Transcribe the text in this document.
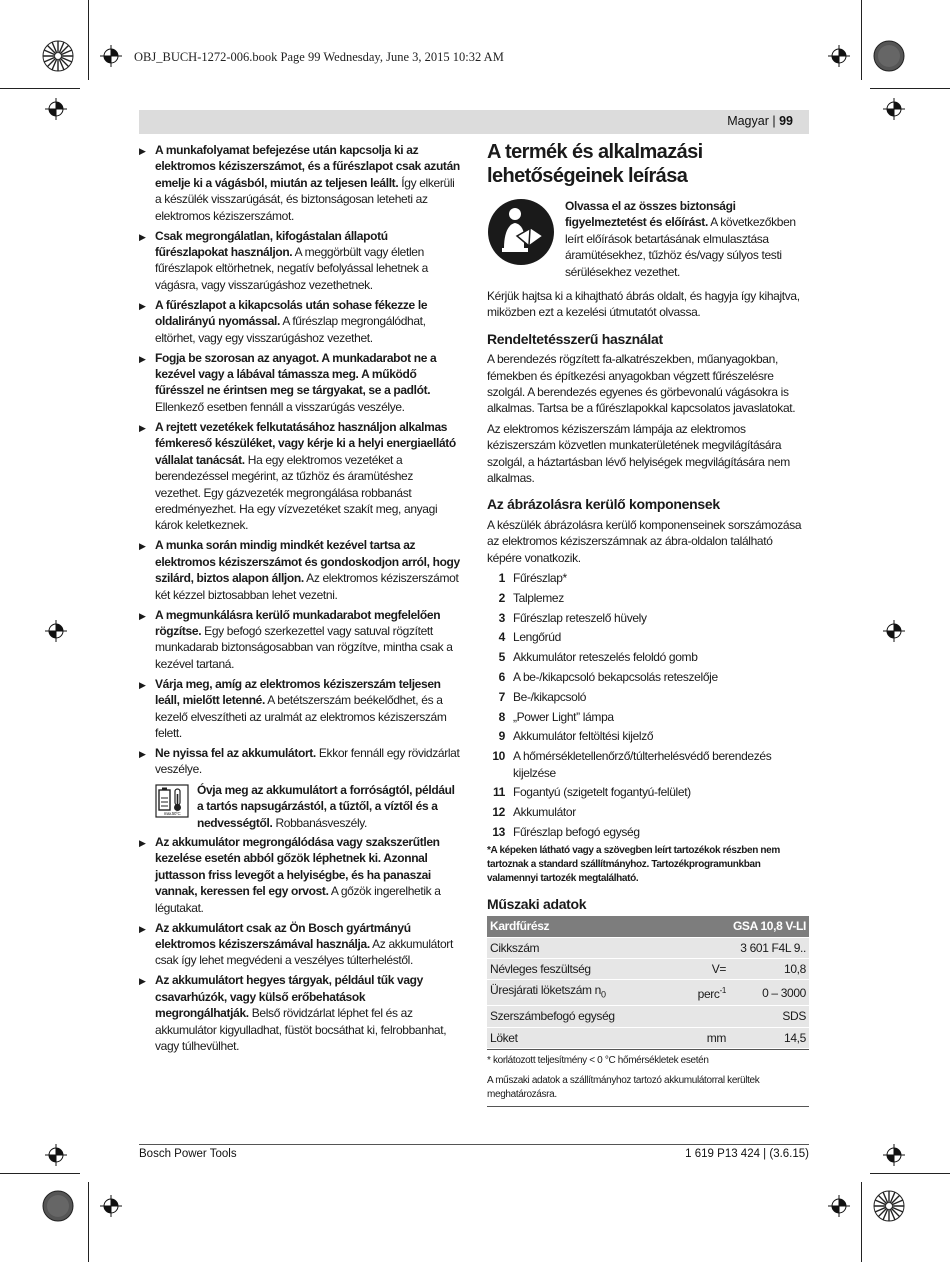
OBJ_BUCH-1272-006.book Page 99 Wednesday, June 3, 2015 10:32 AM
Magyar | 99
▶ A munkafolyamat befejezése után kapcsolja ki az elektromos kéziszerszámot, és a fűrészlapot csak azután emelje ki a vágásból, miután az teljesen leállt. Így elkerüli a készülék visszarúgását, és biztonságosan leteheti az elektromos kéziszerszámot.
▶ Csak megrongálatlan, kifogástalan állapotú fűrészlapokat használjon. A meggörbült vagy életlen fűrészlapok eltörhetnek, negatív befolyással lehetnek a vágásra, vagy visszarúgáshoz vezethetnek.
▶ A fűrészlapot a kikapcsolás után sohase fékezze le oldalirányú nyomással. A fűrészlap megrongálódhat, eltörhet, vagy egy visszarúgáshoz vezethet.
▶ Fogja be szorosan az anyagot. A munkadarabot ne a kezével vagy a lábával támassza meg. A működő fűrésszel ne érintsen meg se tárgyakat, se a padlót. Ellenkező esetben fennáll a visszarúgás veszélye.
▶ A rejtett vezetékek felkutatásához használjon alkalmas fémkereső készüléket, vagy kérje ki a helyi energiaellátó vállalat tanácsát. Ha egy elektromos vezetéket a berendezéssel megérint, az tűzhöz és áramütéshez vezethet. Egy gázvezeték megrongálása robbanást eredményezhet. Ha egy vízvezetéket szakít meg, anyagi károk keletkeznek.
▶ A munka során mindig mindkét kezével tartsa az elektromos kéziszerszámot és gondoskodjon arról, hogy szilárd, biztos alapon álljon. Az elektromos kéziszerszámot két kézzel biztosabban lehet vezetni.
▶ A megmunkálásra kerülő munkadarabot megfelelően rögzítse. Egy befogó szerkezettel vagy satuval rögzített munkadarab biztonságosabban van rögzítve, mintha csak a kezével tartaná.
▶ Várja meg, amíg az elektromos kéziszerszám teljesen leáll, mielőtt letenné. A betétszerszám beékelődhet, és a kezelő elveszítheti az uralmát az elektromos kéziszerszám felett.
▶ Ne nyissa fel az akkumulátort. Ekkor fennáll egy rövidzárlat veszélye.
max.50°C
Óvja meg az akkumulátort a forróságtól, például a tartós napsugárzástól, a tűztől, a víztől és a nedvességtől. Robbanásveszély.
▶ Az akkumulátor megrongálódása vagy szakszerűtlen kezelése esetén abból gőzök léphetnek ki. Azonnal juttasson friss levegőt a helyiségbe, és ha panaszai vannak, keressen fel egy orvost. A gőzök ingerelhetik a légutakat.
▶ Az akkumulátort csak az Ön Bosch gyártmányú elektromos kéziszerszámával használja. Az akkumulátort csak így lehet megvédeni a veszélyes túlterheléstől.
▶ Az akkumulátort hegyes tárgyak, például tűk vagy csavarhúzók, vagy külső erőbehatások megrongálhatják. Belső rövidzárlat léphet fel és az akkumulátor kigyulladhat, füstöt bocsáthat ki, felrobbanhat, vagy túlhevülhet.
A termék és alkalmazási lehetőségeinek leírása
Olvassa el az összes biztonsági figyelmeztetést és előírást. A következőkben leírt előírások betartásának elmulasztása áramütésekhez, tűzhöz és/vagy súlyos testi sérülésekhez vezethet.

Kérjük hajtsa ki a kihajtható ábrás oldalt, és hagyja így kihajtva, miközben ezt a kezelési útmutatót olvassa.

Rendeltetésszerű használat

A berendezés rögzített fa-alkatrészekben, műanyagokban, fémekben és építkezési anyagokban végzett fűrészelésre szolgál. A berendezés egyenes és görbevonalú vágásokra is alkalmas. Tartsa be a fűrészlapokkal kapcsolatos javaslatokat.

Az elektromos kéziszerszám lámpája az elektromos kéziszerszám közvetlen munkaterületének megvilágítására szolgál, a háztartásban lévő helyiségek megvilágítására nem alkalmas.

Az ábrázolásra kerülő komponensek

A készülék ábrázolásra kerülő komponenseinek sorszámozása az elektromos kéziszerszámnak az ábra-oldalon található képére vonatkozik.

1 Fűrészlap*
2 Talplemez
3 Fűrészlap reteszelő hüvely
4 Lengőrúd
5 Akkumulátor reteszelés feloldó gomb
6 A be-/kikapcsoló bekapcsolás reteszelője
7 Be-/kikapcsoló
8 „Power Light” lámpa
9 Akkumulátor feltöltési kijelző
10 A hőmérsékletellenőrző/túlterhelésvédő berendezés kijelzése
11 Fogantyú (szigetelt fogantyú-felület)
12 Akkumulátor
13 Fűrészlap befogó egység

*A képeken látható vagy a szövegben leírt tartozékok részben nem tartoznak a standard szállítmányhoz. Tartozékprogramunkban valamennyi tartozék megtalálható.

Műszaki adatok
Kardfűrész		GSA 10,8 V-LI
Cikkszám		3 601 F4L 9..
Névleges feszültség	V=	10,8
Üresjárati löketszám $n_0$	perc$^{-1}$	0 – 3000
Szerszámbefogó egység		SDS
Löket	mm	14,5

* korlátozott teljesítmény < 0 °C hőmérsékletek esetén

A műszaki adatok a szállítmányhoz tartozó akkumulátorral kerültek meghatározásra.

Bosch Power Tools	1 619 P13 424 | (3.6.15)
